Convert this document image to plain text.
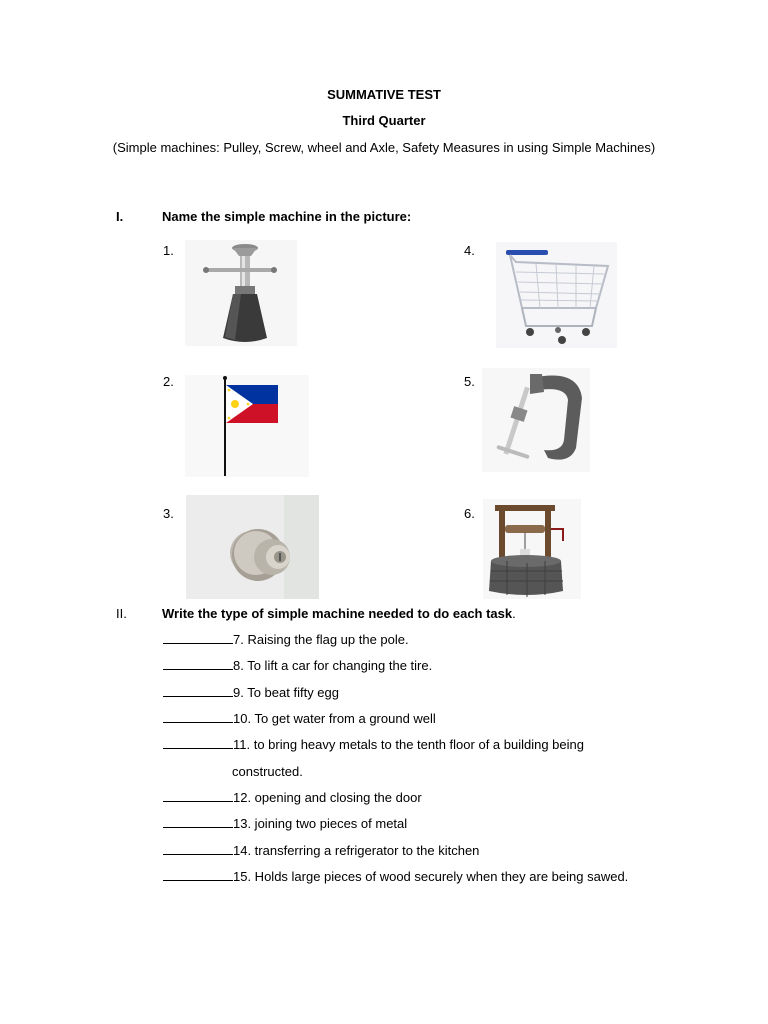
SUMMATIVE TEST
Third Quarter
(Simple machines: Pulley, Screw, wheel and Axle, Safety Measures in using Simple Machines)
I.	Name the simple machine in the picture:
1.
2.
3.
4.
5.
6.
II.	Write the type of simple machine needed to do each task.
7. Raising the flag up the pole.
8. To lift a car for changing the tire.
9. To beat fifty egg
10. To get water from a ground well
11. to bring heavy metals to the tenth floor of a building being
constructed.
12. opening and closing the door
13. joining two pieces of metal
14. transferring a refrigerator to the kitchen
15. Holds large pieces of wood securely when they are being sawed.
